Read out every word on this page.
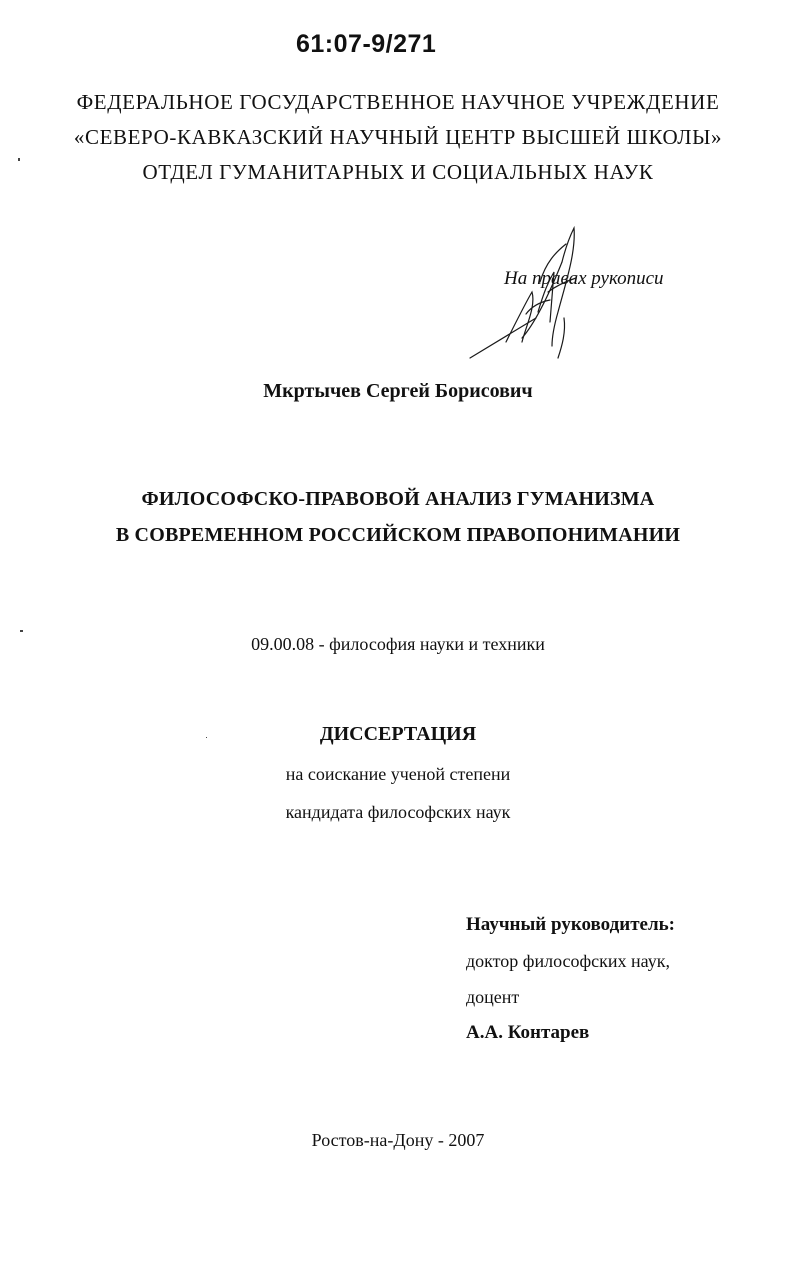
61:07-9/271
ФЕДЕРАЛЬНОЕ ГОСУДАРСТВЕННОЕ НАУЧНОЕ УЧРЕЖДЕНИЕ
«СЕВЕРО-КАВКАЗСКИЙ НАУЧНЫЙ ЦЕНТР ВЫСШЕЙ ШКОЛЫ»
ОТДЕЛ ГУМАНИТАРНЫХ И СОЦИАЛЬНЫХ НАУК
На правах рукописи
Мкртычев Сергей Борисович
ФИЛОСОФСКО-ПРАВОВОЙ АНАЛИЗ ГУМАНИЗМА
В СОВРЕМЕННОМ РОССИЙСКОМ ПРАВОПОНИМАНИИ
09.00.08 - философия науки и техники
ДИССЕРТАЦИЯ
на соискание ученой степени
кандидата философских наук
Научный руководитель:
доктор философских наук,
доцент
А.А. Контарев
Ростов-на-Дону - 2007
